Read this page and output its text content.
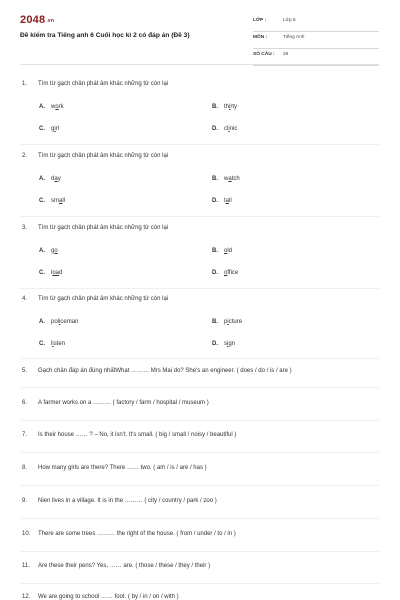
$2048^{.vn}$
Đề kiểm tra Tiếng anh 6 Cuối học kì 2 có đáp án (Đề 3)
LỚP :	Lớp 6
MÔN :	Tiếng Anh
SỐ CÂU : 26
1. Tìm từ gạch chân phát âm khác những từ còn lại
A. work	B. thirty
C. girl	D. clinic
2. Tìm từ gạch chân phát âm khác những từ còn lại
A. day	B. watch
C. small	D. tall
3. Tìm từ gạch chân phát âm khác những từ còn lại
A. go	B. old
C. load	D. office
4. Tìm từ gạch chân phát âm khác những từ còn lại
A. policeman	B. picture
C. listen	D. sign
5. Gạch chân đáp án đúng nhấtWhat ……… Mrs Mai do? She's an engineer. ( does / do / is / are )
6. A farmer works on a ……… ( factory / farm / hospital / museum )
7. Is their house …… ? – No, it isn't. It's small. ( big / small / noisy / beautiful )
8. How many girls are there? There …… two. ( am / is / are / has )
9. Nien lives in a village. It is in the ……… ( city / country / park / zoo )
10. There are some trees ……… the right of the house. ( from / under / to / in )
11. Are these their pens? Yes, …… are. ( those / these / they / their )
12. We are going to school …… foot. ( by / in / on / with )
